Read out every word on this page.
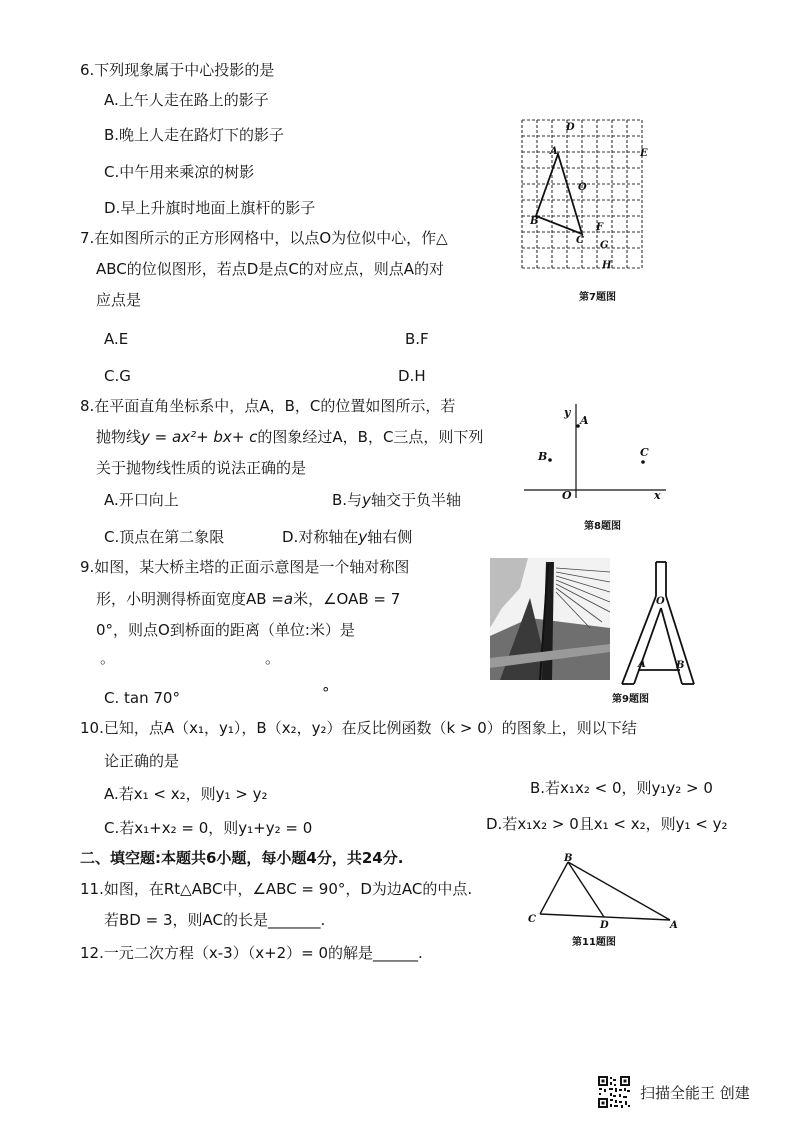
6.下列现象属于中心投影的是
A.上午人走在路上的影子
B.晚上人走在路灯下的影子
C.中午用来乘凉的树影
D.早上升旗时地面上旗杆的影子
7.在如图所示的正方形网格中，以点O为位似中心，作△
ABC的位似图形，若点D是点C的对应点，则点A的对
应点是
A.E	B.F
C.G	D.H
D
A	E
O
B
F
C G
H
第7题图
8.在平面直角坐标系中，点A，B，C的位置如图所示，若
抛物线y = ax²+ bx+ c的图象经过A，B，C三点，则下列
关于抛物线性质的说法正确的是
A.开口向上	B.与y轴交于负半轴
C.顶点在第二象限	D.对称轴在y轴右侧
y
A
B	C
O	x
第8题图
9.如图，某大桥主塔的正面示意图是一个轴对称图
形，小明测得桥面宽度AB =a米，∠OAB = 7
0°，则点O到桥面的距离（单位:米）是
。	。
C. tan 70°	°
O
A	B
第9题图
10.已知，点A（x₁，y₁），B（x₂，y₂）在反比例函数（k > 0）的图象上，则以下结
论正确的是
A.若x₁ < x₂，则y₁ > y₂	B.若x₁x₂ < 0，则y₁y₂ > 0
C.若x₁+x₂ = 0，则y₁+y₂ = 0	D.若x₁x₂ > 0且x₁ < x₂，则y₁ < y₂
二、填空题:本题共6小题，每小题4分，共24分.
11.如图，在Rt△ABC中，∠ABC = 90°，D为边AC的中点.
若BD = 3，则AC的长是_______.
B
C
D	A
第11题图
12.一元二次方程（x-3）（x+2）= 0的解是______.
扫描全能王 创建
